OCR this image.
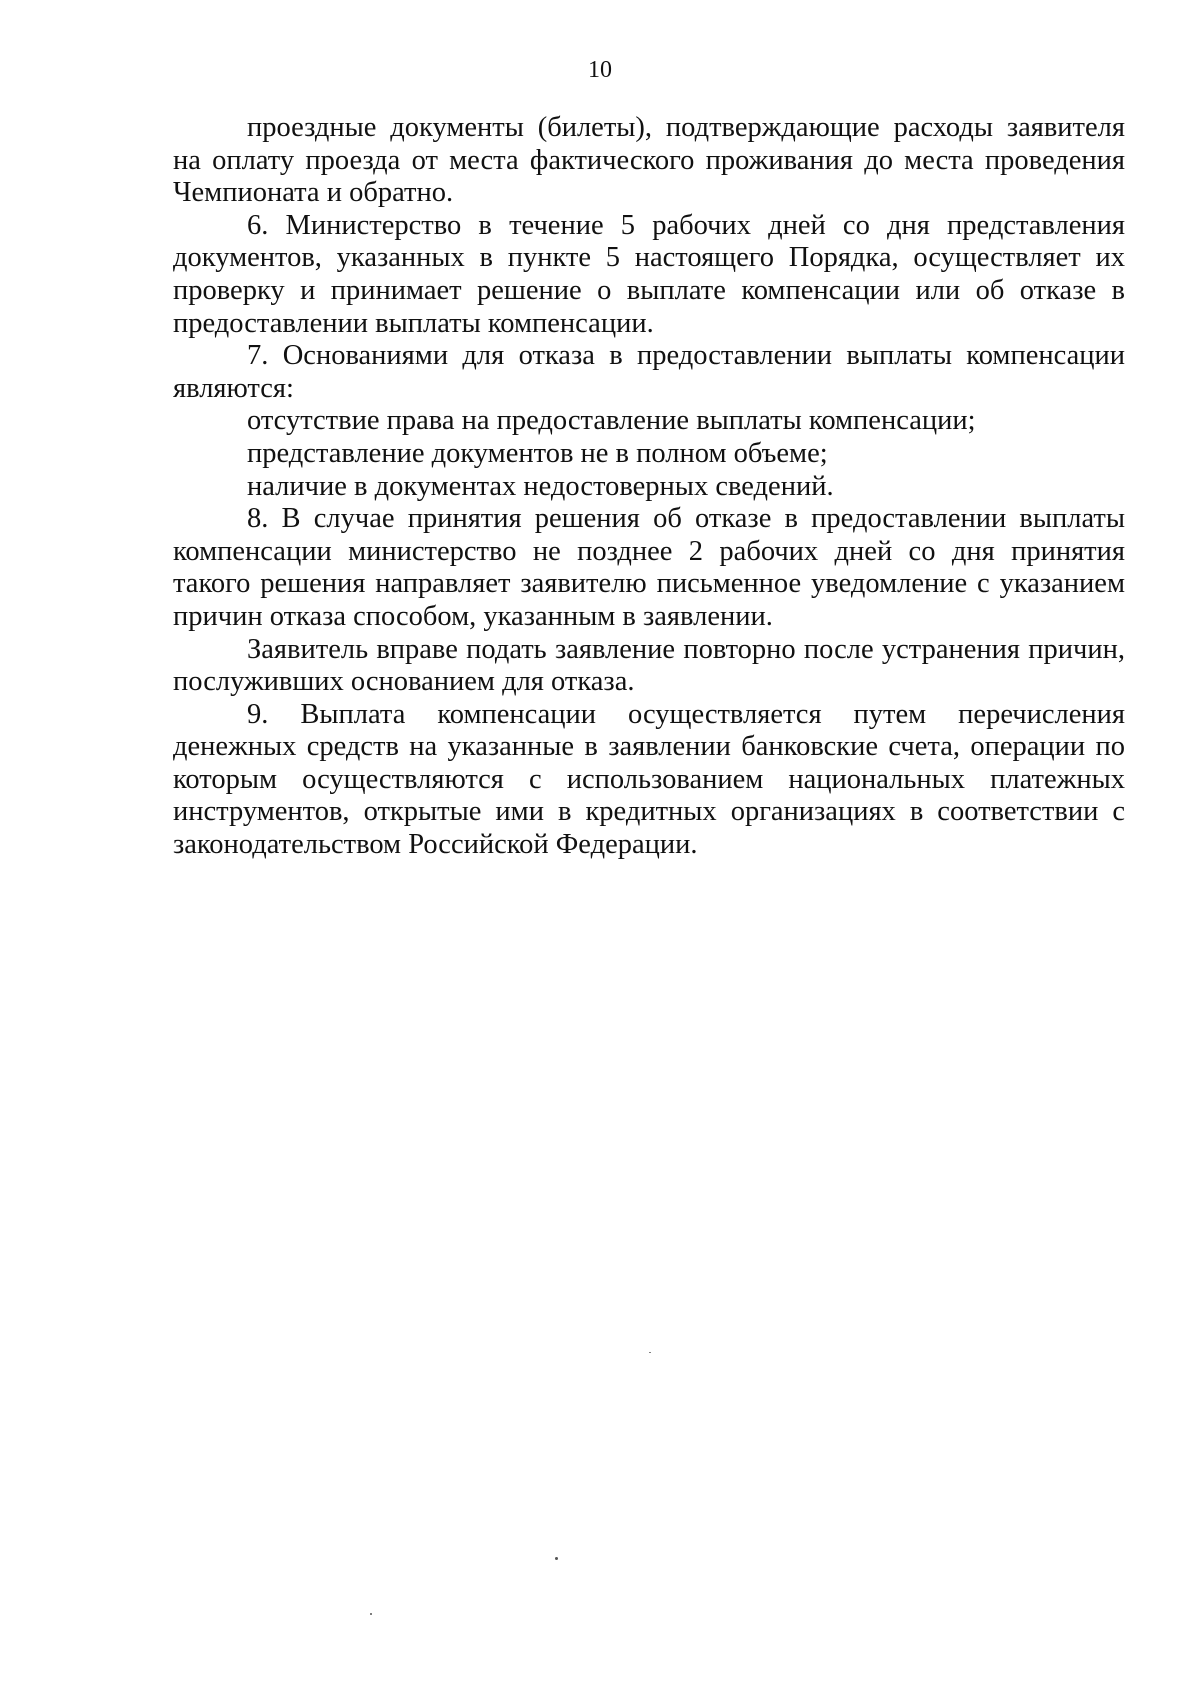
10

проездные документы (билеты), подтверждающие расходы заявителя на оплату проезда от места фактического проживания до места проведения Чемпионата и обратно.

6. Министерство в течение 5 рабочих дней со дня представления документов, указанных в пункте 5 настоящего Порядка, осуществляет их проверку и принимает решение о выплате компенсации или об отказе в предоставлении выплаты компенсации.

7. Основаниями для отказа в предоставлении выплаты компенсации являются:

отсутствие права на предоставление выплаты компенсации;

представление документов не в полном объеме;

наличие в документах недостоверных сведений.

8. В случае принятия решения об отказе в предоставлении выплаты компенсации министерство не позднее 2 рабочих дней со дня принятия такого решения направляет заявителю письменное уведомление с указанием причин отказа способом, указанным в заявлении.

Заявитель вправе подать заявление повторно после устранения причин, послуживших основанием для отказа.

9. Выплата компенсации осуществляется путем перечисления денежных средств на указанные в заявлении банковские счета, операции по которым осуществляются с использованием национальных платежных инструментов, открытые ими в кредитных организациях в соответствии с законодательством Российской Федерации.
